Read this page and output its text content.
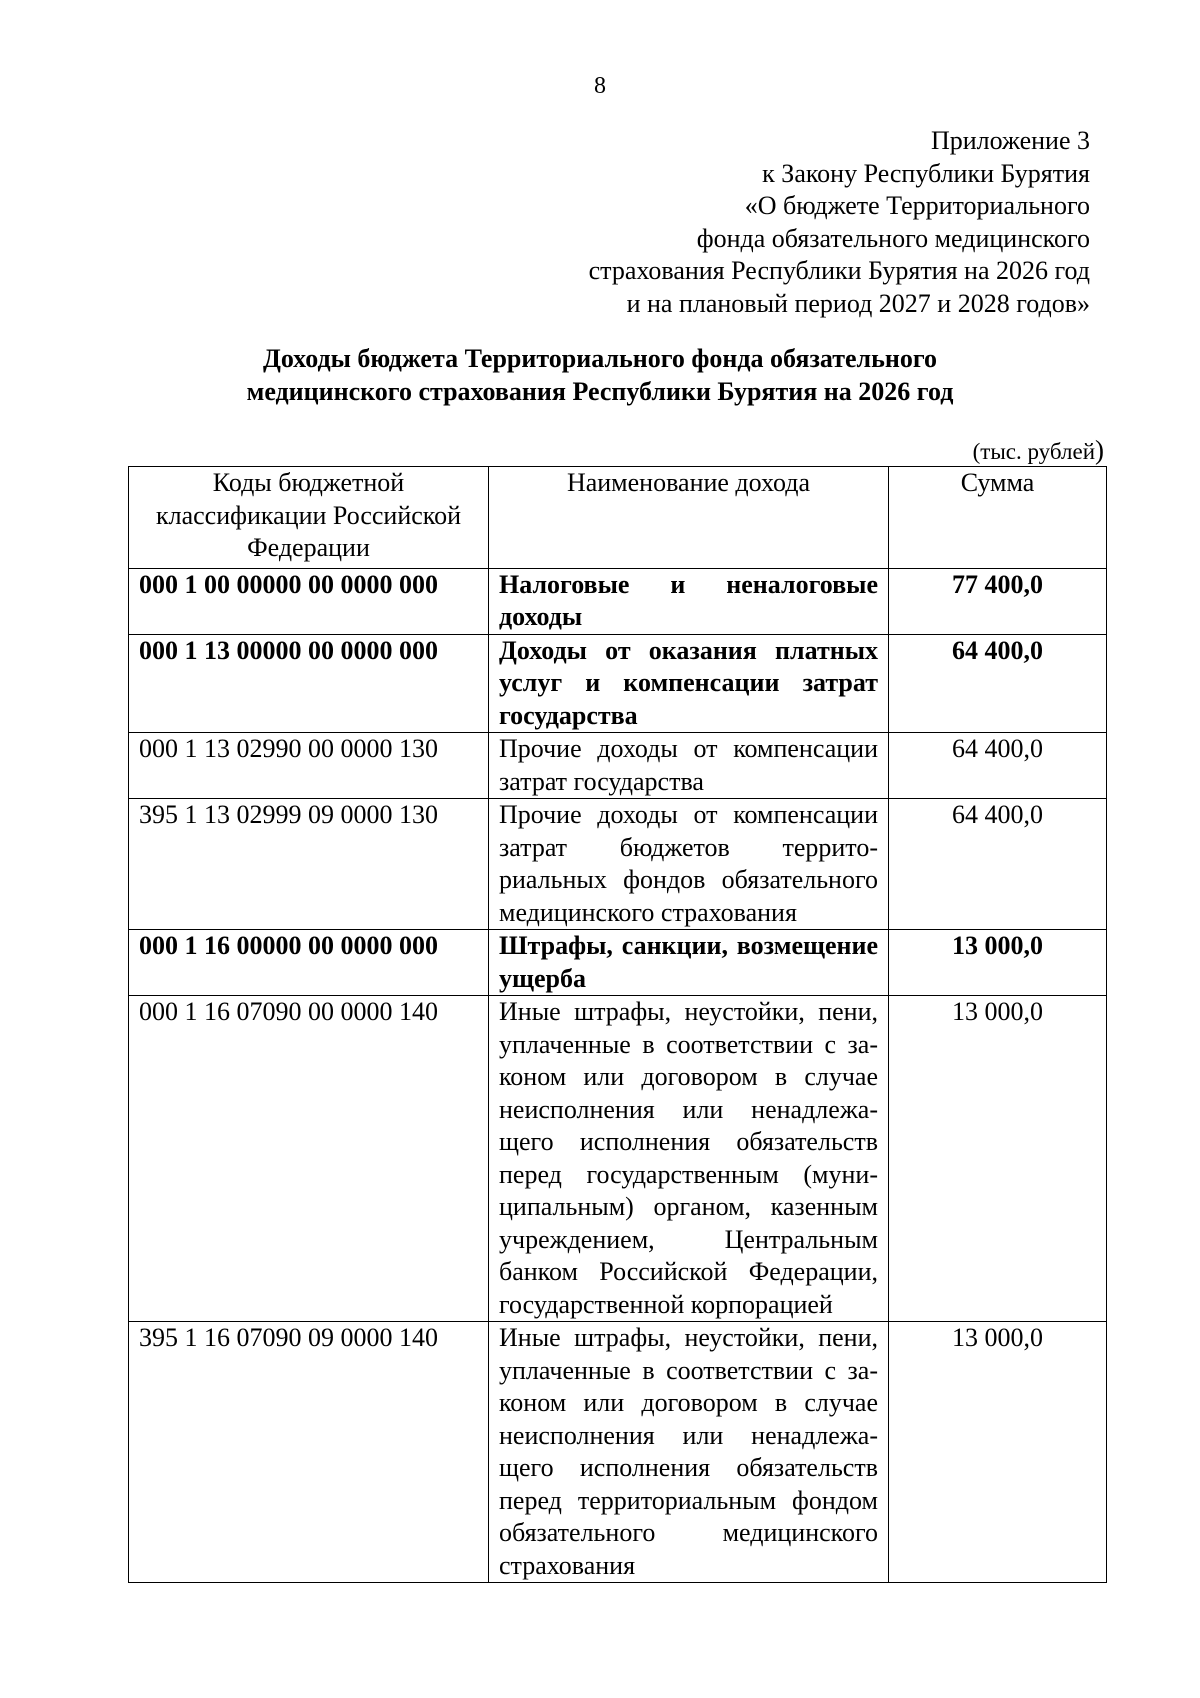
8
Приложение 3
к Закону Республики Бурятия
«О бюджете Территориального
фонда обязательного медицинского
страхования Республики Бурятия на 2026 год
и на плановый период 2027 и 2028 годов»
Доходы бюджета Территориального фонда обязательного
медицинского страхования Республики Бурятия на 2026 год
(тыс. рублей)
Коды бюджетной классификации Российской Федерации	Наименование дохода	Сумма
000 1 00 00000 00 0000 000	Налоговые и неналоговые доходы	77 400,0
000 1 13 00000 00 0000 000	Доходы от оказания платных услуг и компенсации затрат государства	64 400,0
000 1 13 02990 00 0000 130	Прочие доходы от компенсации затрат государства	64 400,0
395 1 13 02999 09 0000 130	Прочие доходы от компенсации затрат бюджетов территориальных фондов обязательного медицинского страхования	64 400,0
000 1 16 00000 00 0000 000	Штрафы, санкции, возмещение ущерба	13 000,0
000 1 16 07090 00 0000 140	Иные штрафы, неустойки, пени, уплаченные в соответствии с законом или договором в случае неисполнения или ненадлежащего исполнения обязательств перед государственным (муниципальным) органом, казенным учреждением, Центральным банком Российской Федерации, государственной корпорацией	13 000,0
395 1 16 07090 09 0000 140	Иные штрафы, неустойки, пени, уплаченные в соответствии с законом или договором в случае неисполнения или ненадлежащего исполнения обязательств перед территориальным фондом обязательного медицинского страхования	13 000,0
